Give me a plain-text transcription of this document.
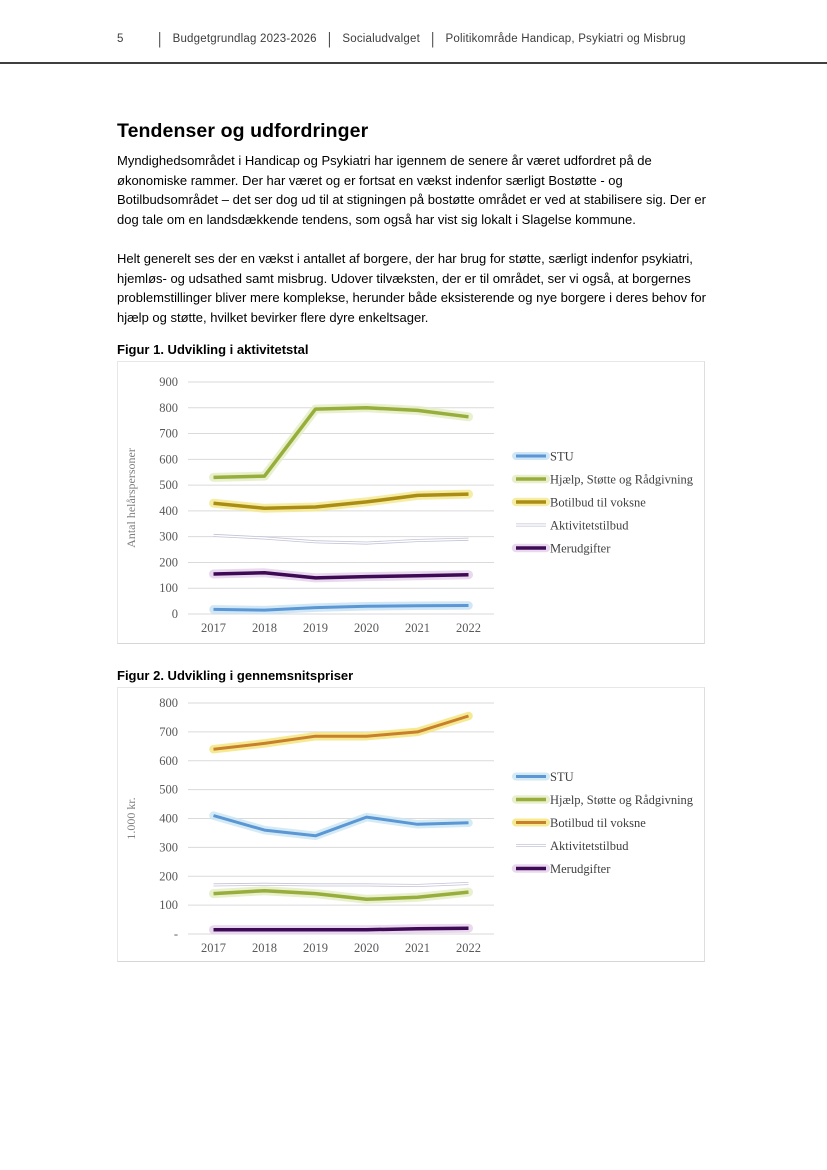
5	| Budgetgrundlag 2023-2026 | Socialudvalget | Politikområde Handicap, Psykiatri og Misbrug
Tendenser og udfordringer

Myndighedsområdet i Handicap og Psykiatri har igennem de senere år været udfordret på de økonomiske rammer. Der har været og er fortsat en vækst indenfor særligt Bostøtte - og Botilbudsområdet – det ser dog ud til at stigningen på bostøtte området er ved at stabilisere sig. Der er dog tale om en landsdækkende tendens, som også har vist sig lokalt i Slagelse kommune.

Helt generelt ses der en vækst i antallet af borgere, der har brug for støtte, særligt indenfor psykiatri, hjemløs- og udsathed samt misbrug. Udover tilvæksten, der er til området, ser vi også, at borgernes problemstillinger bliver mere komplekse, herunder både eksisterende og nye borgere i deres behov for hjælp og støtte, hvilket bevirker flere dyre enkeltsager.

Figur 1. Udvikling i aktivitetstal
0
100
200
300
400
500
600
700
800
900
Antal helårspersoner
2017 2018 2019 2020 2021 2022
STU
Hjælp, Støtte og Rådgivning
Botilbud til voksne
Aktivitetstilbud
Merudgifter
Figur 2. Udvikling i gennemsnitspriser
-
100
200
300
400
500
600
700
800
1.000 kr.
2017 2018 2019 2020 2021 2022
STU
Hjælp, Støtte og Rådgivning
Botilbud til voksne
Aktivitetstilbud
Merudgifter
